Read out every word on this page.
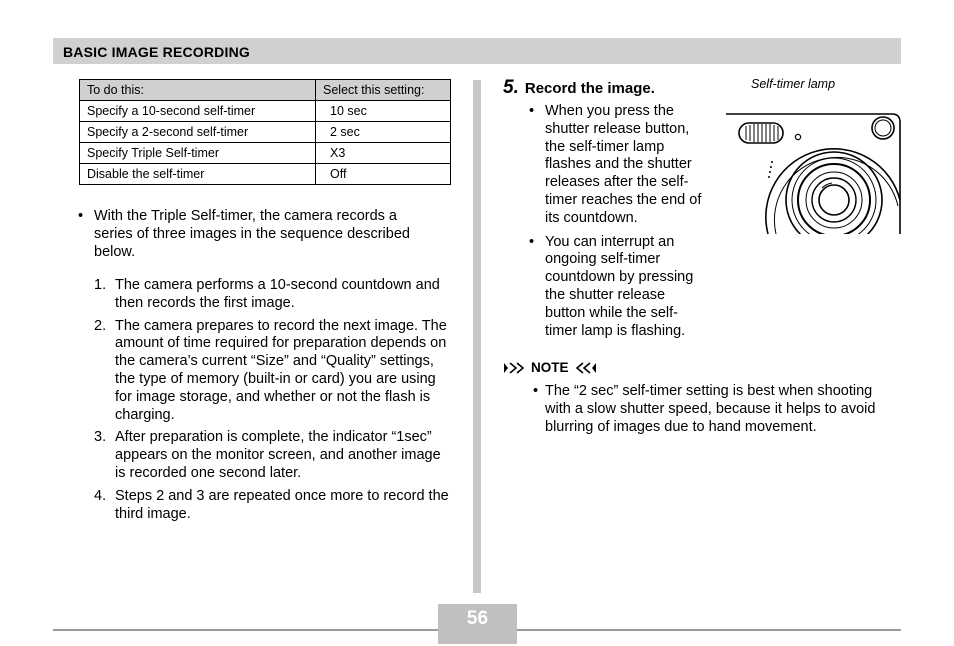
BASIC IMAGE RECORDING
To do this:	Select this setting:
Specify a 10-second self-timer	10 sec
Specify a 2-second self-timer	2 sec
Specify Triple Self-timer	X3
Disable the self-timer	Off
• With the Triple Self-timer, the camera records a series of three images in the sequence described below.
1. The camera performs a 10-second countdown and then records the first image.
2. The camera prepares to record the next image. The amount of time required for preparation depends on the camera’s current “Size” and “Quality” settings, the type of memory (built-in or card) you are using for image storage, and whether or not the flash is charging.
3. After preparation is complete, the indicator “1sec” appears on the monitor screen, and another image is recorded one second later.
4. Steps 2 and 3 are repeated once more to record the third image.
5. Record the image.
• When you press the shutter release button, the self-timer lamp flashes and the shutter releases after the self-timer reaches the end of its countdown.
• You can interrupt an ongoing self-timer countdown by pressing the shutter release button while the self-timer lamp is flashing.
Self-timer lamp
NOTE
• The “2 sec” self-timer setting is best when shooting with a slow shutter speed, because it helps to avoid blurring of images due to hand movement.
56
